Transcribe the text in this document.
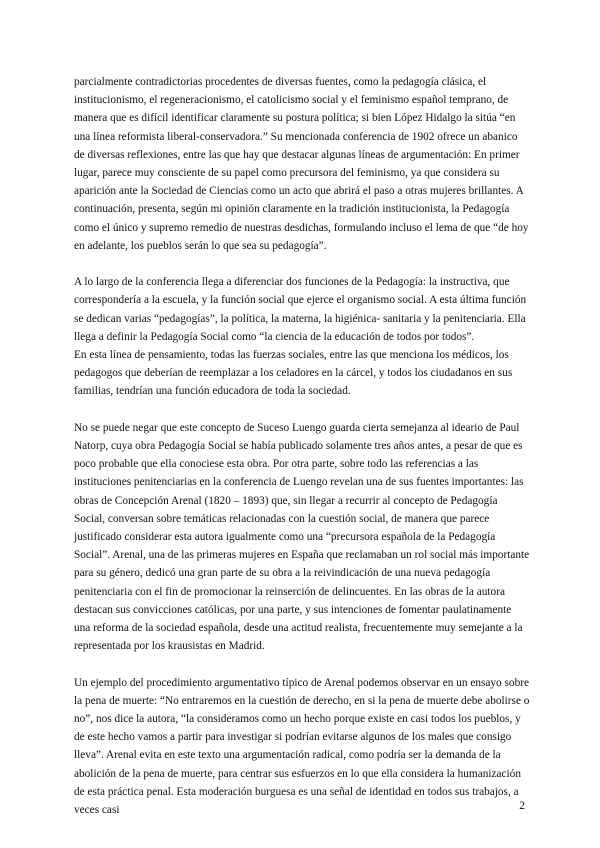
parcialmente contradictorias procedentes de diversas fuentes, como la pedagogía clásica, el institucionismo, el regeneracionismo, el catolicismo social y el feminismo español temprano, de manera que es difícil identificar claramente su postura política; si bien López Hidalgo la sitúa “en una línea reformista liberal-conservadora.” Su mencionada conferencia de 1902 ofrece un abanico de diversas reflexiones, entre las que hay que destacar algunas líneas de argumentación: En primer lugar, parece muy consciente de su papel como precursora del feminismo, ya que considera su aparición ante la Sociedad de Ciencias como un acto que abrirá el paso a otras mujeres brillantes. A continuación, presenta, según mi opinión claramente en la tradición institucionista, la Pedagogía como el único y supremo remedio de nuestras desdichas, formulando incluso el lema de que “de hoy en adelante, los pueblos serán lo que sea su pedagogía”.

A lo largo de la conferencia llega a diferenciar dos funciones de la Pedagogía: la instructiva, que correspondería a la escuela, y la función social que ejerce el organismo social. A esta última función se dedican varias “pedagogías”, la política, la materna, la higiénica- sanitaria y la penitenciaria. Ella llega a definir la Pedagogía Social como “la ciencia de la educación de todos por todos”.

En esta línea de pensamiento, todas las fuerzas sociales, entre las que menciona los médicos, los pedagogos que deberían de reemplazar a los celadores en la cárcel, y todos los ciudadanos en sus familias, tendrían una función educadora de toda la sociedad.

No se puede negar que este concepto de Suceso Luengo guarda cierta semejanza al ideario de Paul Natorp, cuya obra Pedagogía Social se había publicado solamente tres años antes, a pesar de que es poco probable que ella conociese esta obra. Por otra parte, sobre todo las referencias a las instituciones penitenciarias en la conferencia de Luengo revelan una de sus fuentes importantes: las obras de Concepción Arenal (1820 – 1893) que, sin llegar a recurrir al concepto de Pedagogía Social, conversan sobre temáticas relacionadas con la cuestión social, de manera que parece justificado considerar esta autora igualmente como una “precursora española de la Pedagogía Social”. Arenal, una de las primeras mujeres en España que reclamaban un rol social más importante para su género, dedicó una gran parte de su obra a la reivindicación de una nueva pedagogía penitenciaria con el fin de promocionar la reinserción de delincuentes. En las obras de la autora destacan sus convicciones católicas, por una parte, y sus intenciones de fomentar paulatinamente una reforma de la sociedad española, desde una actitud realista, frecuentemente muy semejante a la representada por los krausistas en Madrid.

Un ejemplo del procedimiento argumentativo típico de Arenal podemos observar en un ensayo sobre la pena de muerte: “No entraremos en la cuestión de derecho, en si la pena de muerte debe abolirse o no”, nos dice la autora, “la consideramos como un hecho porque existe en casi todos los pueblos, y de este hecho vamos a partir para investigar si podrían evitarse algunos de los males que consigo lleva”. Arenal evita en este texto una argumentación radical, como podría ser la demanda de la abolición de la pena de muerte, para centrar sus esfuerzos en lo que ella considera la humanización de esta práctica penal. Esta moderación burguesa es una señal de identidad en todos sus trabajos, a veces casi	2
